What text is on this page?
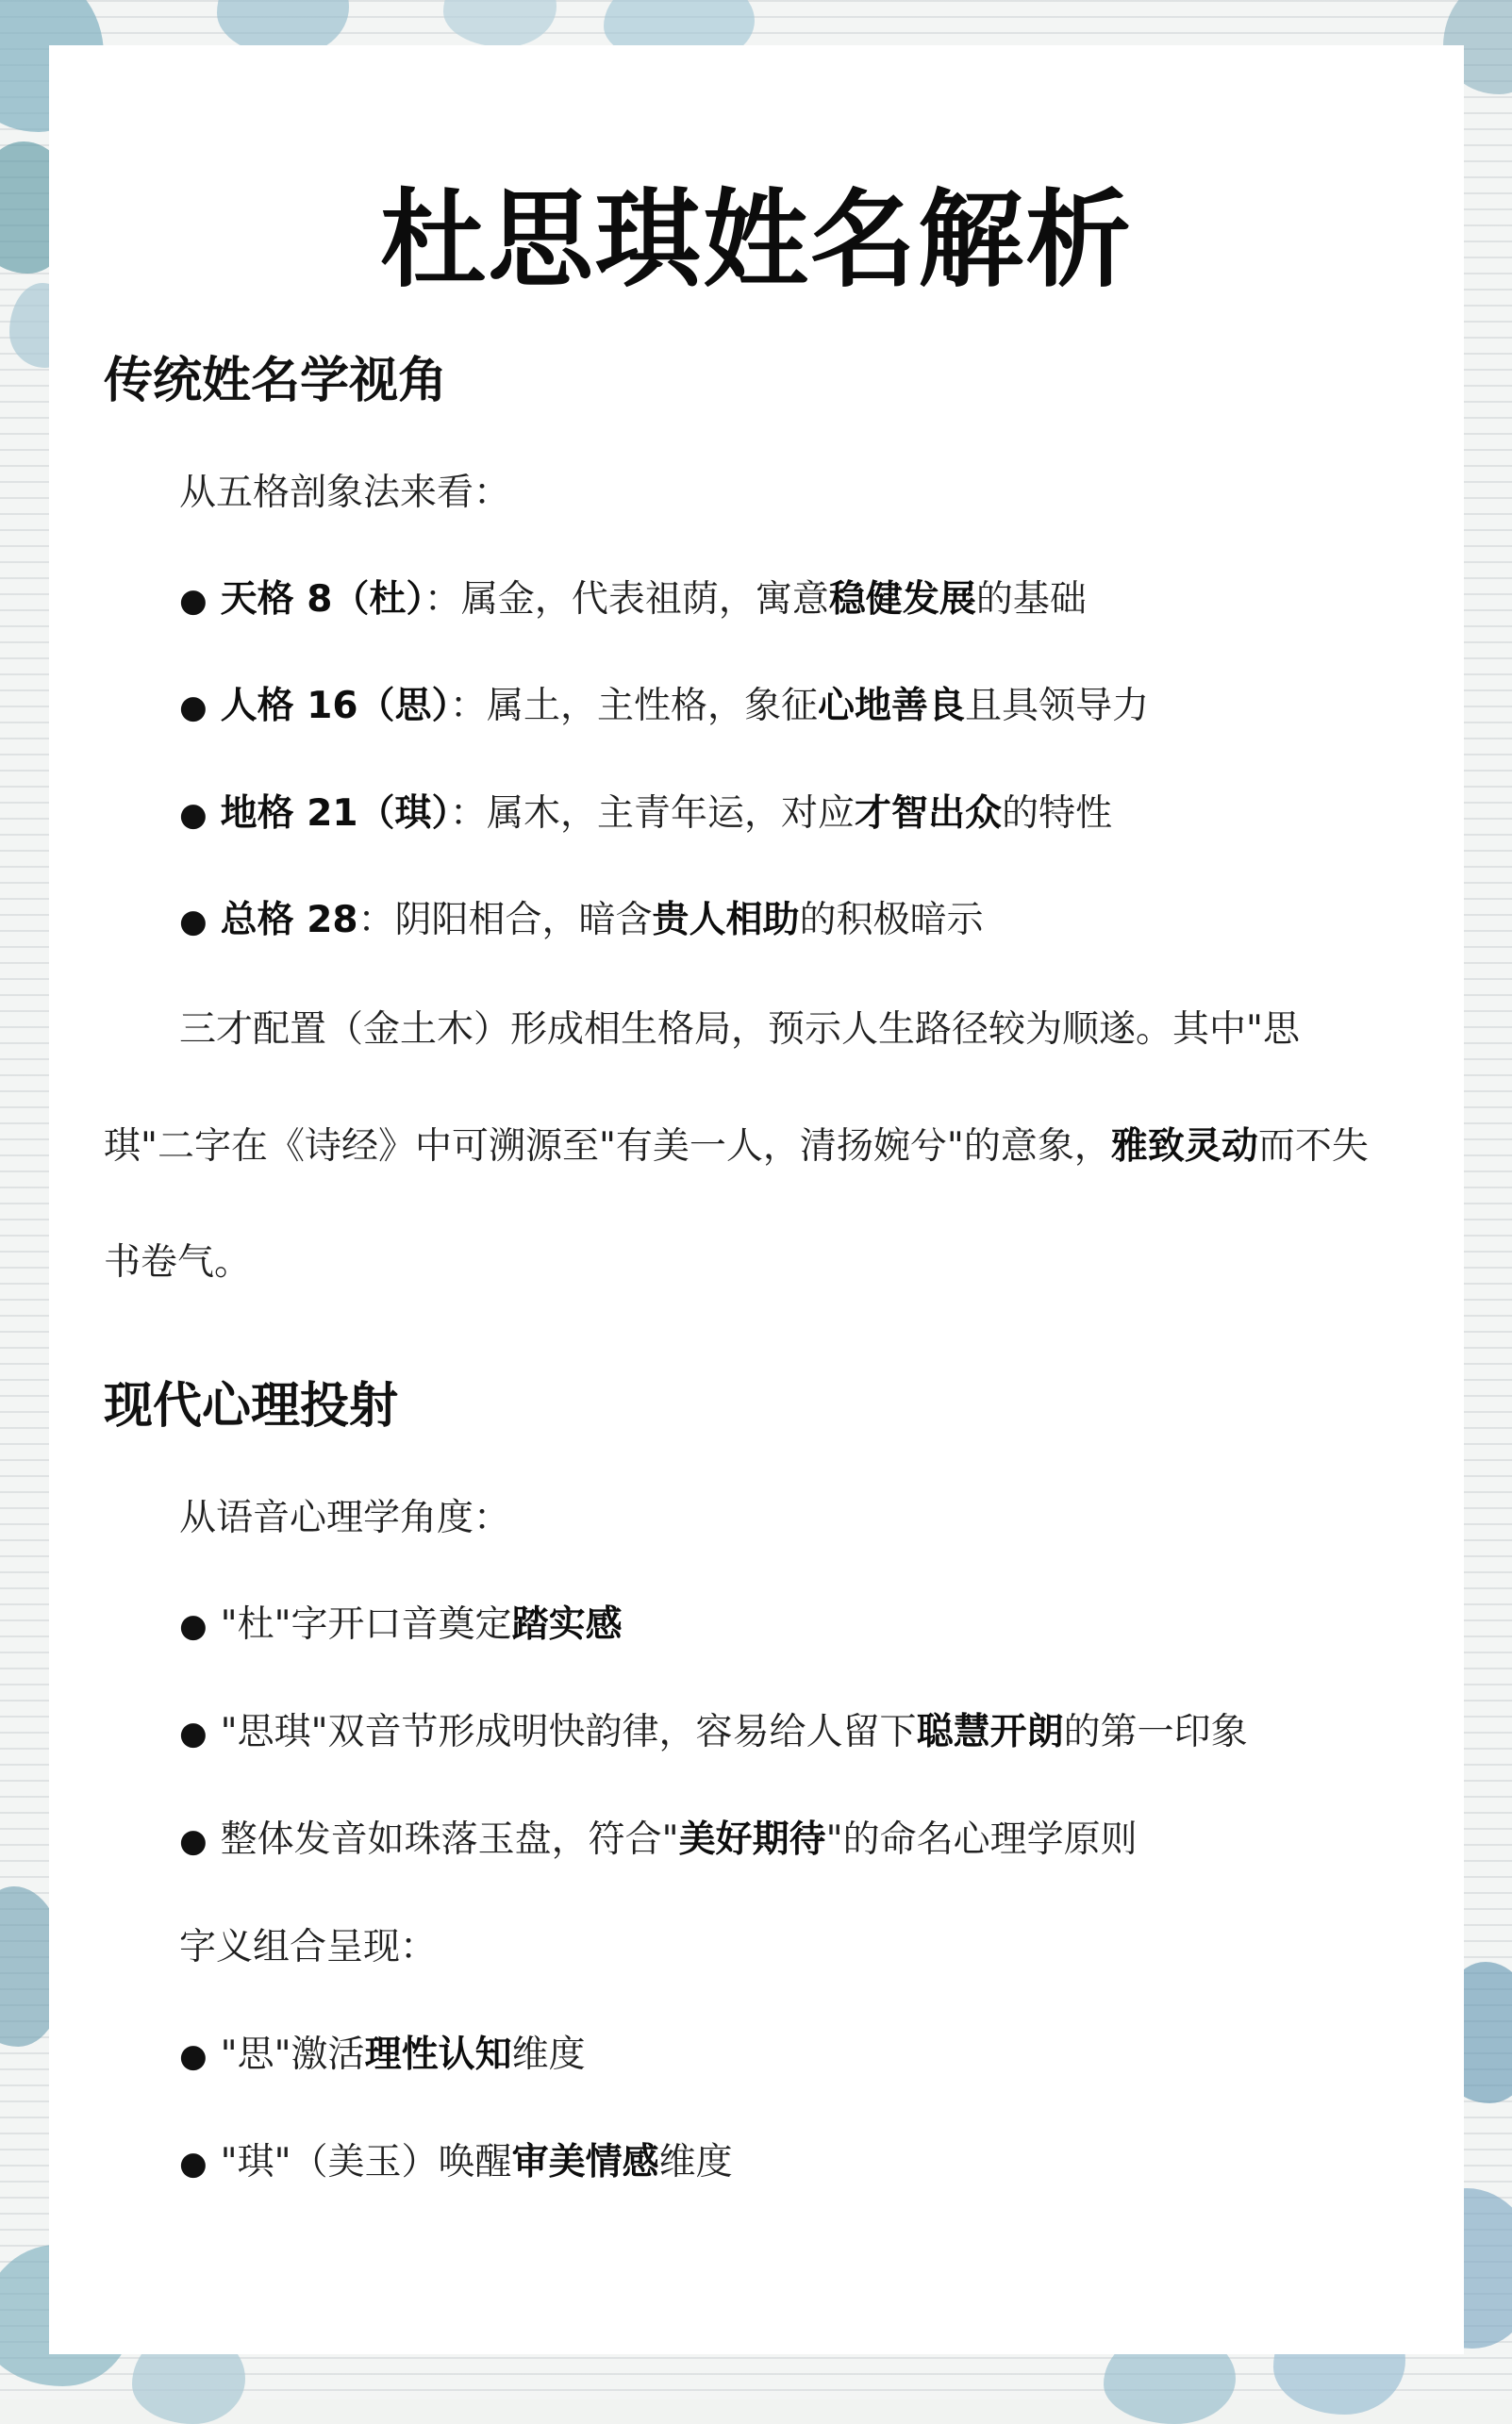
杜思琪姓名解析
传统姓名学视角

从五格剖象法来看：

● 天格 8（杜）：属金，代表祖荫，寓意稳健发展的基础

● 人格 16（思）：属土，主性格，象征心地善良且具领导力

● 地格 21（琪）：属木，主青年运，对应才智出众的特性

● 总格 28：阴阳相合，暗含贵人相助的积极暗示

三才配置（金土木）形成相生格局，预示人生路径较为顺遂。其中"思

琪"二字在《诗经》中可溯源至"有美一人，清扬婉兮"的意象，雅致灵动而不失

书卷气。

现代心理投射

从语音心理学角度：

● "杜"字开口音奠定踏实感

● "思琪"双音节形成明快韵律，容易给人留下聪慧开朗的第一印象

● 整体发音如珠落玉盘，符合"美好期待"的命名心理学原则

字义组合呈现：

● "思"激活理性认知维度

● "琪"（美玉）唤醒审美情感维度
